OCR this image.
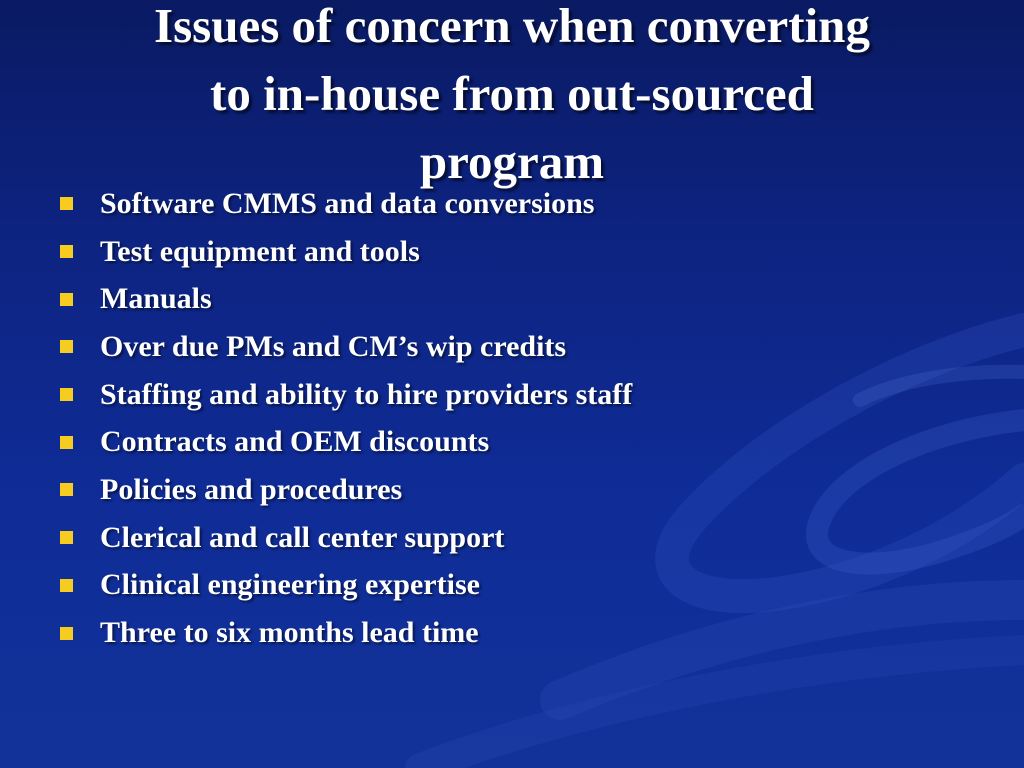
Issues of concern when converting
to in-house from out-sourced
program
Software CMMS and data conversions
Test equipment and tools
Manuals
Over due PMs and CM’s wip credits
Staffing and ability to hire providers staff
Contracts and OEM discounts
Policies and procedures
Clerical and call center support
Clinical engineering expertise
Three to six months lead time
